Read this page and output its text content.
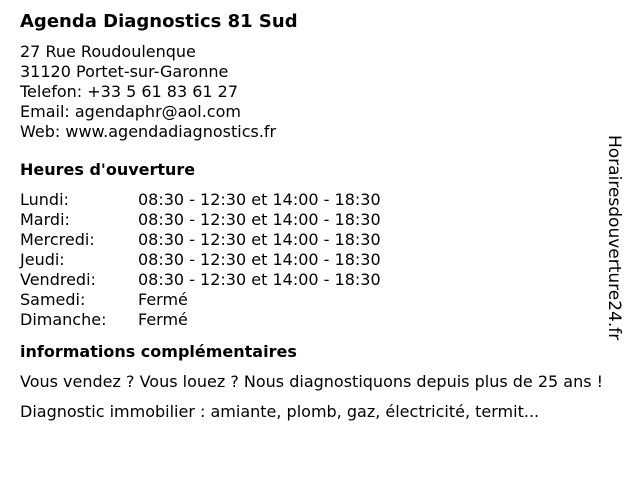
Agenda Diagnostics 81 Sud
27 Rue Roudoulenque
31120 Portet-sur-Garonne
Telefon: +33 5 61 83 61 27
Email: agendaphr@aol.com
Web: www.agendadiagnostics.fr
Heures d'ouverture
Lundi:	08:30 - 12:30 et 14:00 - 18:30
Mardi:	08:30 - 12:30 et 14:00 - 18:30
Mercredi:	08:30 - 12:30 et 14:00 - 18:30
Jeudi:	08:30 - 12:30 et 14:00 - 18:30
Vendredi:	08:30 - 12:30 et 14:00 - 18:30
Samedi:	Fermé
Dimanche:	Fermé
informations complémentaires
Vous vendez ? Vous louez ? Nous diagnostiquons depuis plus de 25 ans !
Diagnostic immobilier : amiante, plomb, gaz, électricité, termit...
Horairesdouverture24.fr
